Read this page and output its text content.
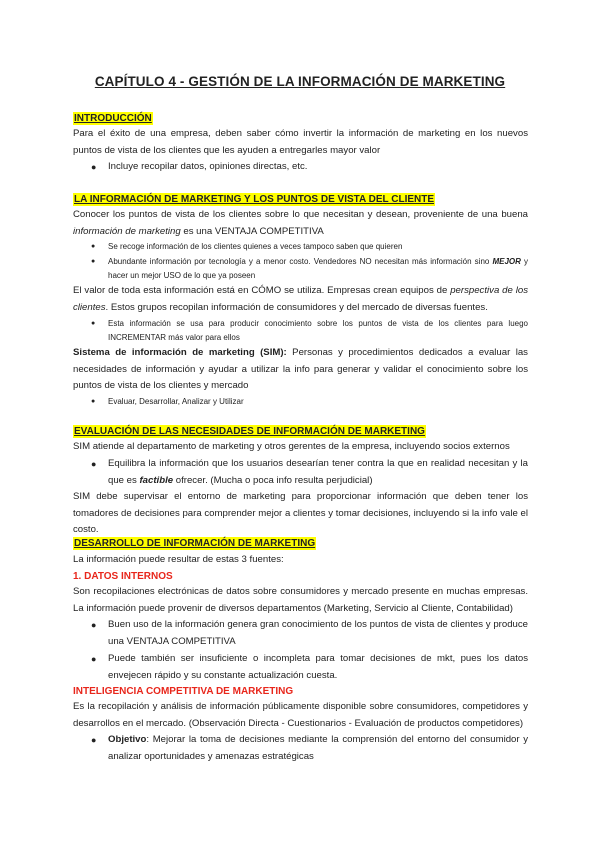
CAPÍTULO 4 - GESTIÓN DE LA INFORMACIÓN DE MARKETING
INTRODUCCIÓN
Para el éxito de una empresa, deben saber cómo invertir la información de marketing en los nuevos puntos de vista de los clientes que les ayuden a entregarles mayor valor
● Incluye recopilar datos, opiniones directas, etc.
LA INFORMACIÓN DE MARKETING Y LOS PUNTOS DE VISTA DEL CLIENTE
Conocer los puntos de vista de los clientes sobre lo que necesitan y desean, proveniente de una buena información de marketing es una VENTAJA COMPETITIVA
● Se recoge información de los clientes quienes a veces tampoco saben que quieren
● Abundante información por tecnología y a menor costo. Vendedores NO necesitan más información sino MEJOR y hacer un mejor USO de lo que ya poseen
El valor de toda esta información está en CÓMO se utiliza. Empresas crean equipos de perspectiva de los clientes. Estos grupos recopilan información de consumidores y del mercado de diversas fuentes.
● Esta información se usa para producir conocimiento sobre los puntos de vista de los clientes para luego INCREMENTAR más valor para ellos
Sistema de información de marketing (SIM): Personas y procedimientos dedicados a evaluar las necesidades de información y ayudar a utilizar la info para generar y validar el conocimiento sobre los puntos de vista de los clientes y mercado
● Evaluar, Desarrollar, Analizar y Utilizar
EVALUACIÓN DE LAS NECESIDADES DE INFORMACIÓN DE MARKETING
SIM atiende al departamento de marketing y otros gerentes de la empresa, incluyendo socios externos
● Equilibra la información que los usuarios desearían tener contra la que en realidad necesitan y la que es factible ofrecer. (Mucha o poca info resulta perjudicial)
SIM debe supervisar el entorno de marketing para proporcionar información que deben tener los tomadores de decisiones para comprender mejor a clientes y tomar decisiones, incluyendo si la info vale el costo.
DESARROLLO DE INFORMACIÓN DE MARKETING
La información puede resultar de estas 3 fuentes:
1. DATOS INTERNOS
Son recopilaciones electrónicas de datos sobre consumidores y mercado presente en muchas empresas. La información puede provenir de diversos departamentos (Marketing, Servicio al Cliente, Contabilidad)
● Buen uso de la información genera gran conocimiento de los puntos de vista de clientes y produce una VENTAJA COMPETITIVA
● Puede también ser insuficiente o incompleta para tomar decisiones de mkt, pues los datos envejecen rápido y su constante actualización cuesta.
INTELIGENCIA COMPETITIVA DE MARKETING
Es la recopilación y análisis de información públicamente disponible sobre consumidores, competidores y desarrollos en el mercado. (Observación Directa - Cuestionarios - Evaluación de productos competidores)
● Objetivo: Mejorar la toma de decisiones mediante la comprensión del entorno del consumidor y analizar oportunidades y amenazas estratégicas
